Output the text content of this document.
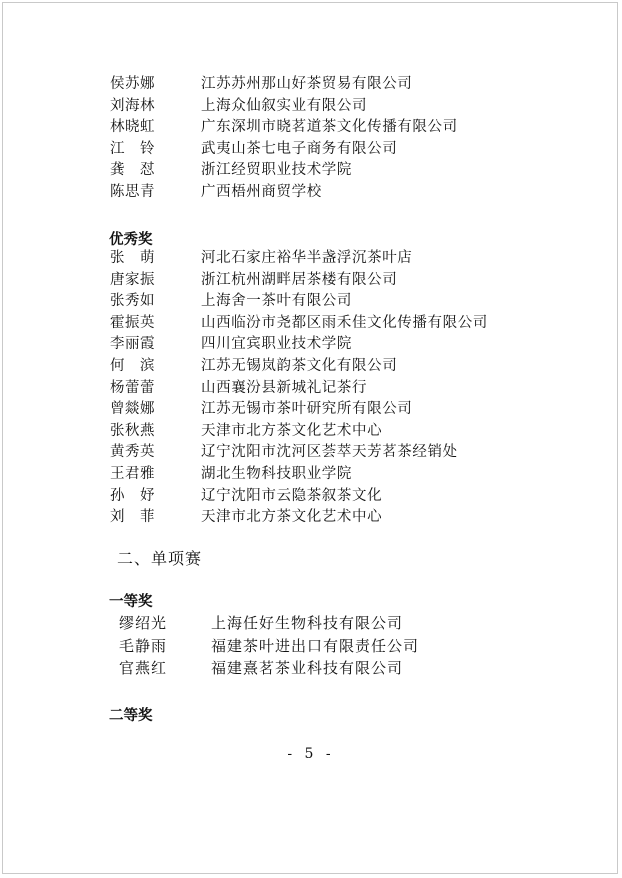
侯苏娜	江苏苏州那山好茶贸易有限公司
刘海林	上海众仙叙实业有限公司
林晓虹	广东深圳市晓茗道茶文化传播有限公司
江　铃	武夷山茶七电子商务有限公司
龚　怼	浙江经贸职业技术学院
陈思青	广西梧州商贸学校
优秀奖
张　萌	河北石家庄裕华半盏浮沉茶叶店
唐家振	浙江杭州湖畔居茶楼有限公司
张秀如	上海舍一茶叶有限公司
霍振英	山西临汾市尧都区雨禾佳文化传播有限公司
李丽霞	四川宜宾职业技术学院
何　滨	江苏无锡岚韵茶文化有限公司
杨蕾蕾	山西襄汾县新城礼记茶行
曾燚娜	江苏无锡市茶叶研究所有限公司
张秋燕	天津市北方茶文化艺术中心
黄秀英	辽宁沈阳市沈河区荟萃天芳茗茶经销处
王君雅	湖北生物科技职业学院
孙　妤	辽宁沈阳市云隐茶叙茶文化
刘　菲	天津市北方茶文化艺术中心
二、单项赛
一等奖
缪绍光	上海任好生物科技有限公司
毛静雨	福建茶叶进出口有限责任公司
官燕红	福建熹茗茶业科技有限公司
二等奖
- 5 -
